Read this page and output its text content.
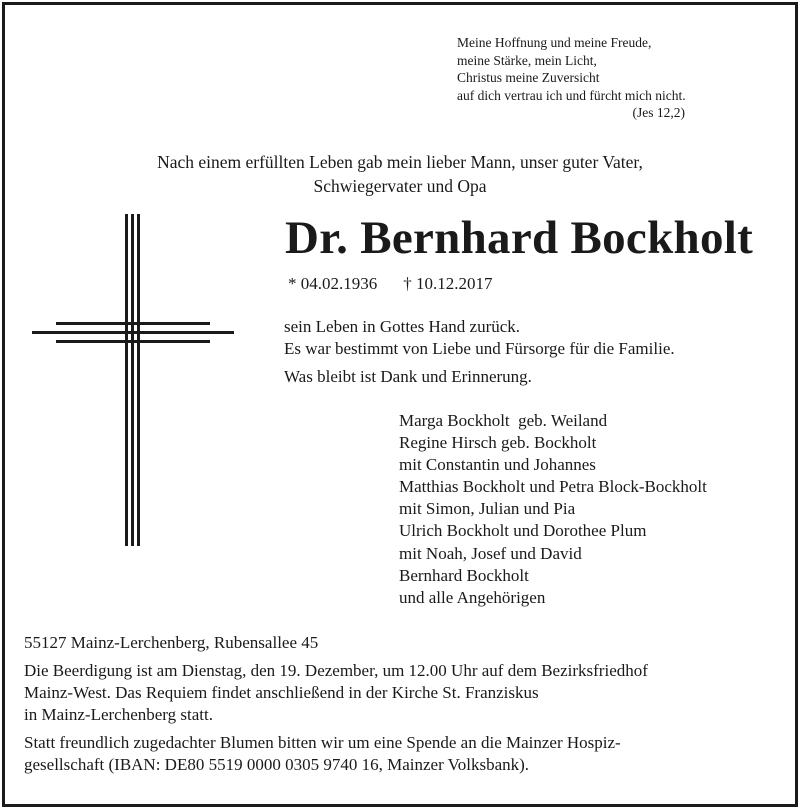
Meine Hoffnung und meine Freude,
meine Stärke, mein Licht,
Christus meine Zuversicht
auf dich vertrau ich und fürcht mich nicht.
(Jes 12,2)
Nach einem erfüllten Leben gab mein lieber Mann, unser guter Vater,
Schwiegervater und Opa
Dr. Bernhard Bockholt
* 04.02.1936 † 10.12.2017
sein Leben in Gottes Hand zurück.
Es war bestimmt von Liebe und Fürsorge für die Familie.
Was bleibt ist Dank und Erinnerung.
Marga Bockholt  geb. Weiland
Regine Hirsch geb. Bockholt
mit Constantin und Johannes
Matthias Bockholt und Petra Block-Bockholt
mit Simon, Julian und Pia
Ulrich Bockholt und Dorothee Plum
mit Noah, Josef und David
Bernhard Bockholt
und alle Angehörigen
55127 Mainz-Lerchenberg, Rubensallee 45
Die Beerdigung ist am Dienstag, den 19. Dezember, um 12.00 Uhr auf dem Bezirksfriedhof
Mainz-West. Das Requiem findet anschließend in der Kirche St. Franziskus
in Mainz-Lerchenberg statt.
Statt freundlich zugedachter Blumen bitten wir um eine Spende an die Mainzer Hospiz-
gesellschaft (IBAN: DE80 5519 0000 0305 9740 16, Mainzer Volksbank).
